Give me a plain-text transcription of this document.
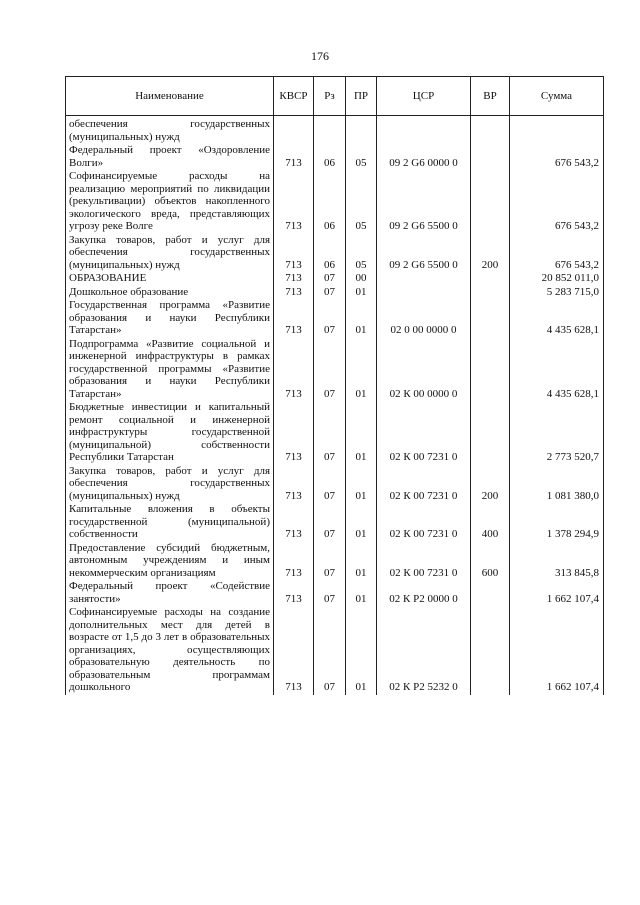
176
Наименование	КВСР	Рз	ПР	ЦСР	ВР	Сумма
обеспечения государственных (муниципальных) нужд						
Федеральный проект «Оздоровление Волги»	713	06	05	09 2 G6 0000 0		676 543,2
Софинансируемые расходы на реализацию мероприятий по ликвидации (рекультивации) объектов накопленного экологического вреда, представляющих угрозу реке Волге	713	06	05	09 2 G6 5500 0		676 543,2
Закупка товаров, работ и услуг для обеспечения государственных (муниципальных) нужд	713	06	05	09 2 G6 5500 0	200	676 543,2
ОБРАЗОВАНИЕ	713	07	00			20 852 011,0
Дошкольное образование	713	07	01			5 283 715,0
Государственная программа «Развитие образования и науки Республики Татарстан»	713	07	01	02 0 00 0000 0		4 435 628,1
Подпрограмма «Развитие социальной и инженерной инфраструктуры в рамках государственной программы «Развитие образования и науки Республики Татарстан»	713	07	01	02 К 00 0000 0		4 435 628,1
Бюджетные инвестиции и капитальный ремонт социальной и инженерной инфраструктуры государственной (муниципальной) собственности Республики Татарстан	713	07	01	02 К 00 7231 0		2 773 520,7
Закупка товаров, работ и услуг для обеспечения государственных (муниципальных) нужд	713	07	01	02 К 00 7231 0	200	1 081 380,0
Капитальные вложения в объекты государственной (муниципальной) собственности	713	07	01	02 К 00 7231 0	400	1 378 294,9
Предоставление субсидий бюджетным, автономным учреждениям и иным некоммерческим организациям	713	07	01	02 К 00 7231 0	600	313 845,8
Федеральный проект «Содействие занятости»	713	07	01	02 К Р2 0000 0		1 662 107,4
Софинансируемые расходы на создание дополнительных мест для детей в возрасте от 1,5 до 3 лет в образовательных организациях, осуществляющих образовательную деятельность по образовательным программам дошкольного	713	07	01	02 К Р2 5232 0		1 662 107,4
